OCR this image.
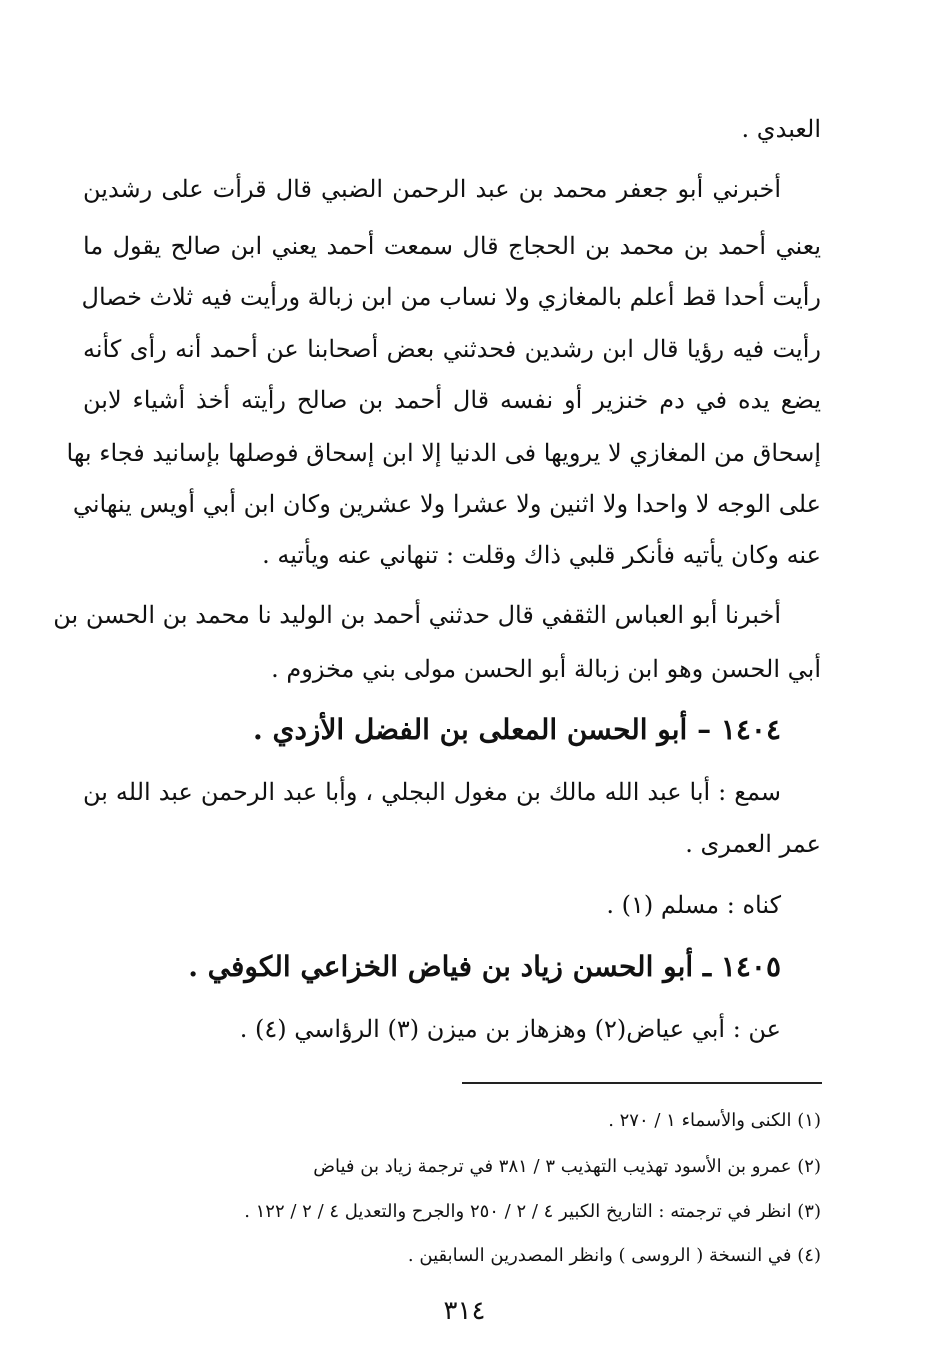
العبدي .
أخبرني أبو جعفر محمد بن عبد الرحمن الضبي قال قرأت على رشدين
يعني أحمد بن محمد بن الحجاج قال سمعت أحمد يعني ابن صالح يقول ما
رأيت أحدا قط أعلم بالمغازي ولا نساب من ابن زبالة ورأيت فيه ثلاث خصال
رأيت فيه رؤيا قال ابن رشدين فحدثني بعض أصحابنا عن أحمد أنه رأى كأنه
يضع يده في دم خنزير أو نفسه قال أحمد بن صالح رأيته أخذ أشياء لابن
إسحاق من المغازي لا يرويها فى الدنيا إلا ابن إسحاق فوصلها بإسانيد فجاء بها
على الوجه لا واحدا ولا اثنين ولا عشرا ولا عشرين وكان ابن أبي أويس ينهاني
عنه وكان يأتيه فأنكر قلبي ذاك وقلت : تنهاني عنه ويأتيه .
أخبرنا أبو العباس الثقفي قال حدثني أحمد بن الوليد نا محمد بن الحسن بن
أبي الحسن وهو ابن زبالة أبو الحسن مولى بني مخزوم .
١٤٠٤ – أبو الحسن المعلى بن الفضل الأزدي .
سمع : أبا عبد الله مالك بن مغول البجلي ، وأبا عبد الرحمن عبد الله بن
عمر العمرى .
كناه : مسلم (١) .
١٤٠٥ ـ أبو الحسن زياد بن فياض الخزاعي الكوفي .
عن : أبي عياض(٢) وهزهاز بن ميزن (٣) الرؤاسي (٤) .
(١) الكنى والأسماء ١ / ٢٧٠ .
(٢) عمرو بن الأسود تهذيب التهذيب ٣ / ٣٨١ في ترجمة زياد بن فياض
(٣) انظر في ترجمته : التاريخ الكبير ٤ / ٢ / ٢٥٠ والجرح والتعديل ٤ / ٢ / ١٢٢ .
(٤) في النسخة ( الروسى ) وانظر المصدرين السابقين .
٣١٤
